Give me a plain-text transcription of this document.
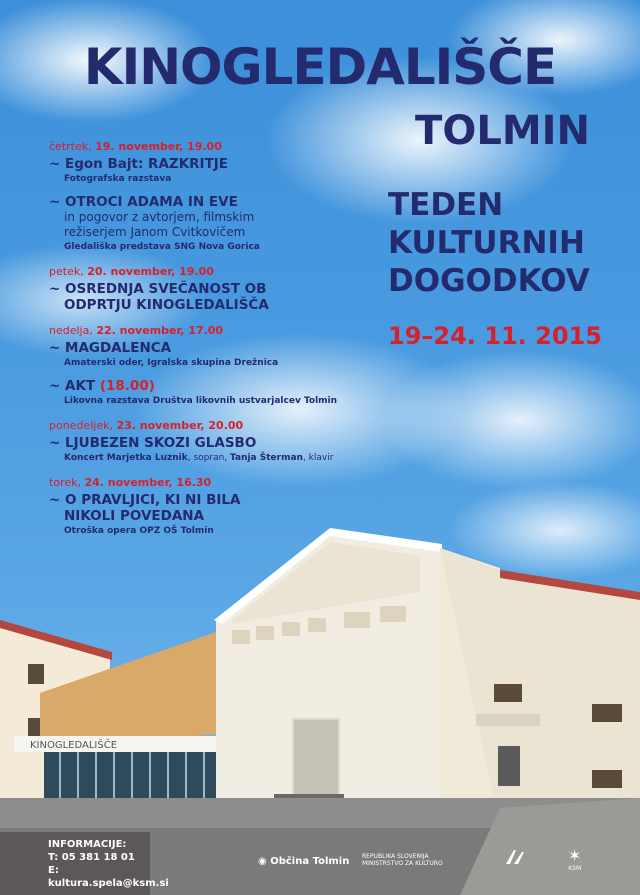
KINOGLEDALIŠČE
TOLMIN
TEDEN
KULTURNIH
DOGODKOV
19–24. 11. 2015
četrtek, 19. november, 19.00
~ Egon Bajt: RAZKRITJE
Fotografska razstava
~ OTROCI ADAMA IN EVE
in pogovor z avtorjem, filmskim
režiserjem Janom Cvitkovičem
Gledališka predstava SNG Nova Gorica
petek, 20. november, 19.00
~ OSREDNJA SVEČANOST OB
ODPRTJU KINOGLEDALIŠČA
nedelja, 22. november, 17.00
~ MAGDALENCA
Amaterski oder, Igralska skupina Drežnica
~ AKT (18.00)
Likovna razstava Društva likovnih ustvarjalcev Tolmin
ponedeljek, 23. november, 20.00
~ LJUBEZEN SKOZI GLASBO
Koncert Marjetka Luznik, sopran, Tanja Šterman, klavir
torek, 24. november, 16.30
~ O PRAVLJICI, KI NI BILA
NIKOLI POVEDANA
Otroška opera OPZ OŠ Tolmin
KINOGLEDALIŠČE
INFORMACIJE:
T: 05 381 18 01
E: kultura.spela@ksm.si
◉ Občina Tolmin REPUBLIKA SLOVENIJA
MINISTRSTVO ZA KULTURO	✶
KSM
